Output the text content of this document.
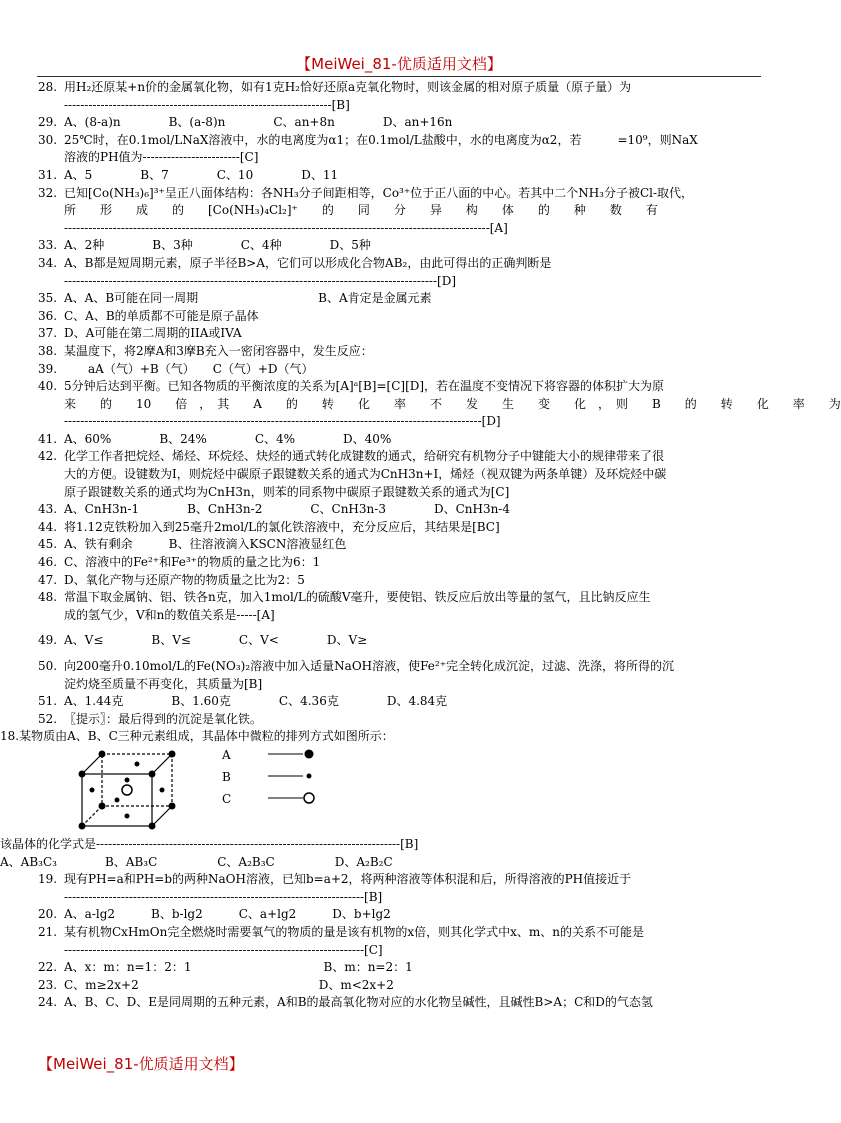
【MeiWei_81-优质适用文档】
28. 用H₂还原某+n价的金属氧化物，如有1克H₂恰好还原a克氧化物时，则该金属的相对原子质量（原子量）为
------------------------------------------------------------------[B]
29. A、(8-a)n　　　　B、(a-8)n　　　　C、an+8n　　　　D、an+16n
30. 25℃时，在0.1mol/LNaX溶液中，水的电离度为α1；在0.1mol/L盐酸中，水的电离度为α2，若　　　=10⁹，则NaX
溶液的PH值为------------------------[C]
31. A、5　　　　B、7　　　　C、10　　　　D、11
32. 已知[Co(NH₃)₆]³⁺呈正八面体结构：各NH₃分子间距相等，Co³⁺位于正八面的中心。若其中二个NH₃分子被Cl-取代，
所　　形　　成　　的　　[Co(NH₃)₄Cl₂]⁺　　的　　同　　分　　异　　构　　体　　的　　种　　数　　有
---------------------------------------------------------------------------------------------------------[A]
33. A、2种　　　　B、3种　　　　C、4种　　　　D、5种
34. A、B都是短周期元素，原子半径B>A，它们可以形成化合物AB₂，由此可得出的正确判断是
--------------------------------------------------------------------------------------------[D]
35. A、A、B可能在同一周期　　　　　　　　　　B、A肯定是金属元素
36. C、A、B的单质都不可能是原子晶体
37. D、A可能在第二周期的IIA或IVA
38. 某温度下，将2摩A和3摩B充入一密闭容器中，发生反应：
39. 　　aA（气）+B（气）　　C（气）+D（气）
40. 5分钟后达到平衡。已知各物质的平衡浓度的关系为[A]ᵃ[B]=[C][D]，若在温度不变情况下将容器的体积扩大为原
来　　的　　10　　倍　，　其　　A　　的　　转　　化　　率　　不　　发　　生　　变　　化　，　则　　B　　的　　转　　化　　率　　为
-------------------------------------------------------------------------------------------------------[D]
41. A、60%　　　　B、24%　　　　C、4%　　　　D、40%
42. 化学工作者把烷烃、烯烃、环烷烃、炔烃的通式转化成键数的通式，给研究有机物分子中键能大小的规律带来了很
大的方便。设键数为I，则烷烃中碳原子跟键数关系的通式为CnH3n+I，烯烃（视双键为两条单键）及环烷烃中碳
原子跟键数关系的通式均为CnH3n，则苯的同系物中碳原子跟键数关系的通式为[C]
43. A、CnH3n-1　　　　B、CnH3n-2　　　　C、CnH3n-3　　　　D、CnH3n-4
44. 将1.12克铁粉加入到25毫升2mol/L的氯化铁溶液中，充分反应后，其结果是[BC]
45. A、铁有剩余　　　B、往溶液滴入KSCN溶液显红色
46. C、溶液中的Fe²⁺和Fe³⁺的物质的量之比为6：1
47. D、氧化产物与还原产物的物质量之比为2：5
48. 常温下取金属钠、铝、铁各n克，加入1mol/L的硫酸V毫升，要使铝、铁反应后放出等量的氢气，且比钠反应生
成的氢气少，V和n的数值关系是-----[A]
49. A、V≤　　　　B、V≤　　　　C、V<　　　　D、V≥
50. 向200毫升0.10mol/L的Fe(NO₃)₂溶液中加入适量NaOH溶液，使Fe²⁺完全转化成沉淀，过滤、洗涤，将所得的沉
淀灼烧至质量不再变化，其质量为[B]
51. A、1.44克　　　　B、1.60克　　　　C、4.36克　　　　D、4.84克
52. 〖提示〗：最后得到的沉淀是氧化铁。
18.某物质由A、B、C三种元素组成，其晶体中微粒的排列方式如图所示：
A
B
C
该晶体的化学式是---------------------------------------------------------------------------[B]
A、AB₃C₃　　　　B、AB₃C　　　　　C、A₂B₃C　　　　　D、A₂B₂C
19. 现有PH=a和PH=b的两种NaOH溶液，已知b=a+2，将两种溶液等体积混和后，所得溶液的PH值接近于
--------------------------------------------------------------------------[B]
20. A、a-lg2　　　B、b-lg2　　　C、a+lg2　　　D、b+lg2
21. 某有机物CxHmOn完全燃烧时需要氧气的物质的量是该有机物的x倍，则其化学式中x、m、n的关系不可能是
--------------------------------------------------------------------------[C]
22. A、x：m：n=1：2：1　　　　　　　　　　　B、m：n=2：1
23. C、m≥2x+2　　　　　　　　　　　　　　　D、m<2x+2
24. A、B、C、D、E是同周期的五种元素，A和B的最高氧化物对应的水化物呈碱性，且碱性B>A；C和D的气态氢
【MeiWei_81-优质适用文档】
